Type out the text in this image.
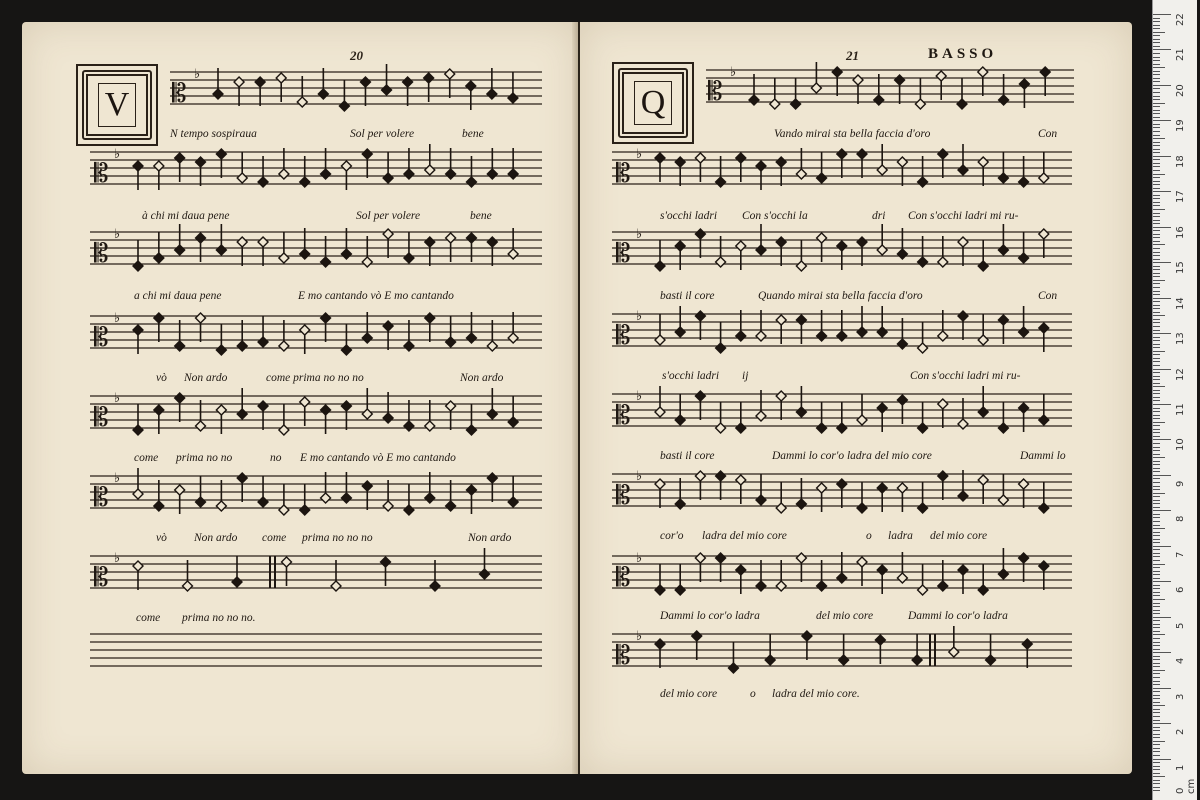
20	21	BASSO
V	Q
𝄡
♭
𝄡
♭
𝄡
♭
𝄡
♭
𝄡
♭
𝄡
♭
𝄡
♭
𝄡
♭
𝄡
♭
𝄡
♭
𝄡
♭
𝄡
♭
𝄡
♭
𝄡
♭
𝄡
♭
N tempo sospiraua	Sol per volere	bene
à chi mi daua pene	Sol per volere	bene
a chi mi daua pene	E mo cantando vò E mo cantando
vò Non ardo	come prima no no no	Non ardo
come prima no no	no E mo cantando vò E mo cantando
vò Non ardo come prima no no no	Non ardo
come prima no no no.
Vando mirai sta bella faccia d'oro	Con
s'occhi ladri Con s'occhi la	dri Con s'occhi ladri mi ru-
basti il core	Quando mirai sta bella faccia d'oro	Con
s'occhi ladri ij	Con s'occhi ladri mi ru-
basti il core	Dammi lo cor'o ladra del mio core	Dammi lo
cor'o ladra del mio core	o ladra del mio core
Dammi lo cor'o ladra	del mio core	Dammi lo cor'o ladra
del mio core	o ladra del mio core.
22
21
20
19
18
17
16
15
14
13
12
11
10
9
8
7
6
5
4
3
2
1
0 cm
